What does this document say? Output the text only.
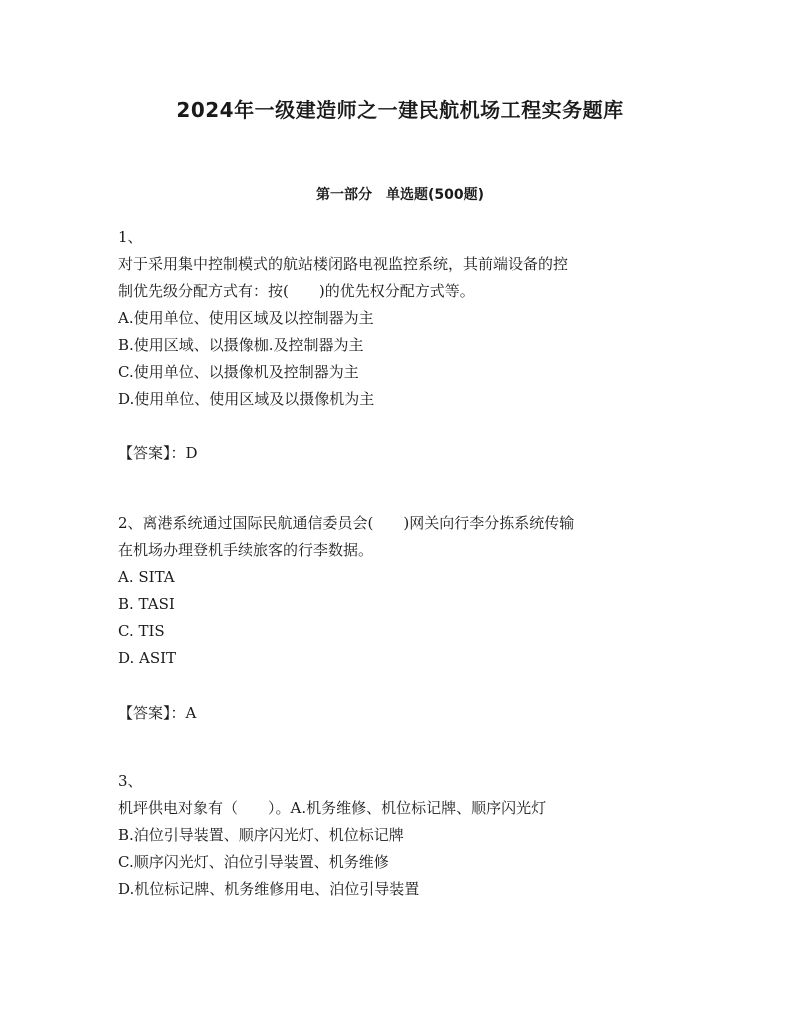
2024年一级建造师之一建民航机场工程实务题库
第一部分　单选题(500题)
1、
对于采用集中控制模式的航站楼闭路电视监控系统，其前端设备的控
制优先级分配方式有：按(　　)的优先权分配方式等。
A.使用单位、使用区域及以控制器为主
B.使用区域、以摄像枷.及控制器为主
C.使用单位、以摄像机及控制器为主
D.使用单位、使用区域及以摄像机为主
【答案】：D
2、离港系统通过国际民航通信委员会(　　)网关向行李分拣系统传输
在机场办理登机手续旅客的行李数据。
A. SITA
B. TASI
C. TIS
D. ASIT
【答案】：A
3、
机坪供电对象有（　　）。A.机务维修、机位标记牌、顺序闪光灯
B.泊位引导装置、顺序闪光灯、机位标记牌
C.顺序闪光灯、泊位引导装置、机务维修
D.机位标记牌、机务维修用电、泊位引导装置
